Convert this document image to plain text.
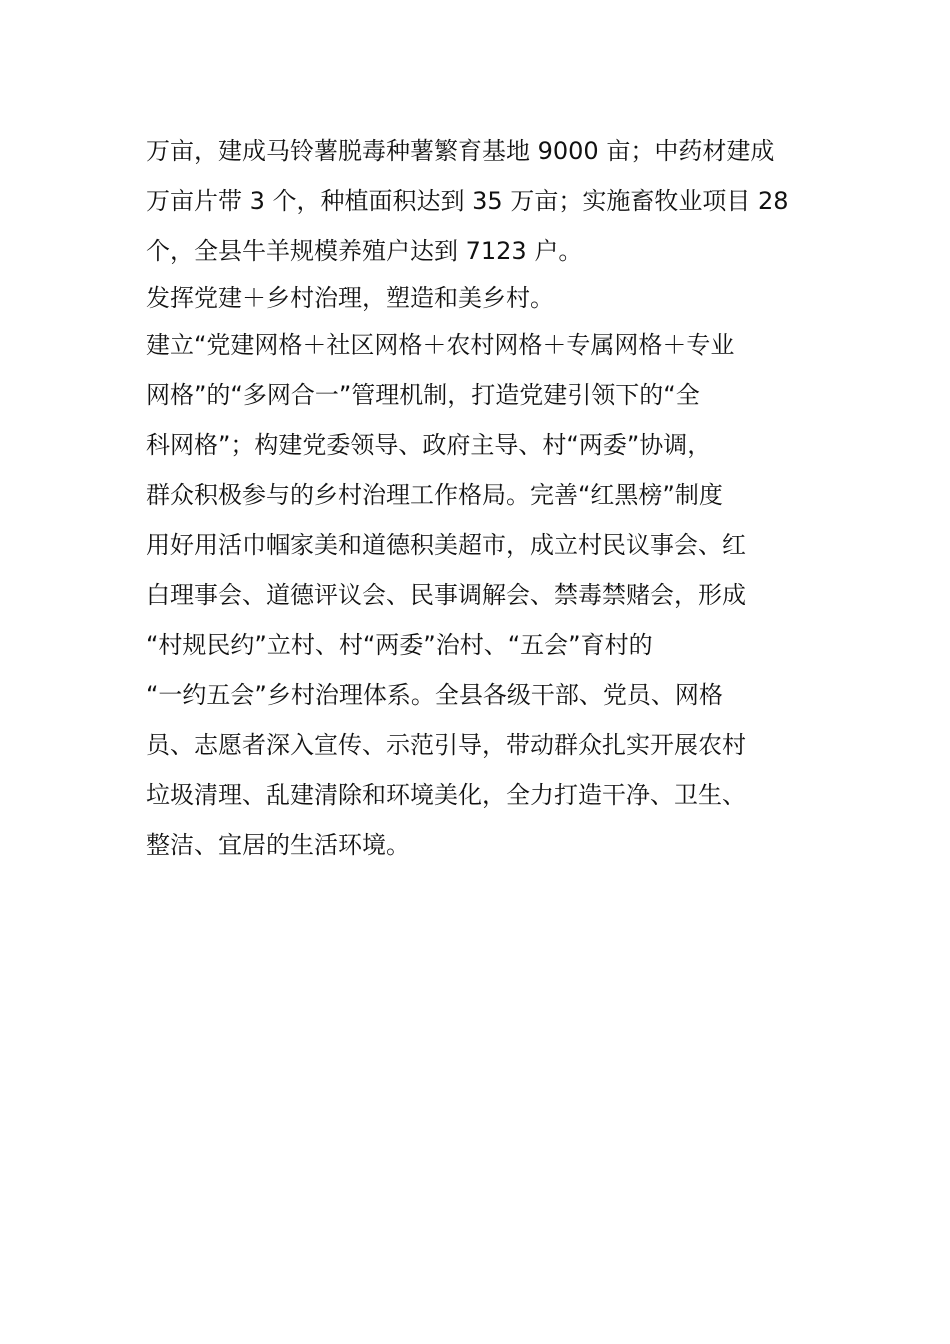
万亩，建成马铃薯脱毒种薯繁育基地 9000 亩；中药材建成
万亩片带 3 个，种植面积达到 35 万亩；实施畜牧业项目 28
个，全县牛羊规模养殖户达到 7123 户。

发挥党建＋乡村治理，塑造和美乡村。

建立“党建网格＋社区网格＋农村网格＋专属网格＋专业
网格”的“多网合一”管理机制，打造党建引领下的“全
科网格”；构建党委领导、政府主导、村“两委”协调，
群众积极参与的乡村治理工作格局。完善“红黑榜”制度
用好用活巾帼家美和道德积美超市，成立村民议事会、红
白理事会、道德评议会、民事调解会、禁毒禁赌会，形成
“村规民约”立村、村“两委”治村、“五会”育村的
“一约五会”乡村治理体系。全县各级干部、党员、网格
员、志愿者深入宣传、示范引导，带动群众扎实开展农村
垃圾清理、乱建清除和环境美化，全力打造干净、卫生、
整洁、宜居的生活环境。
